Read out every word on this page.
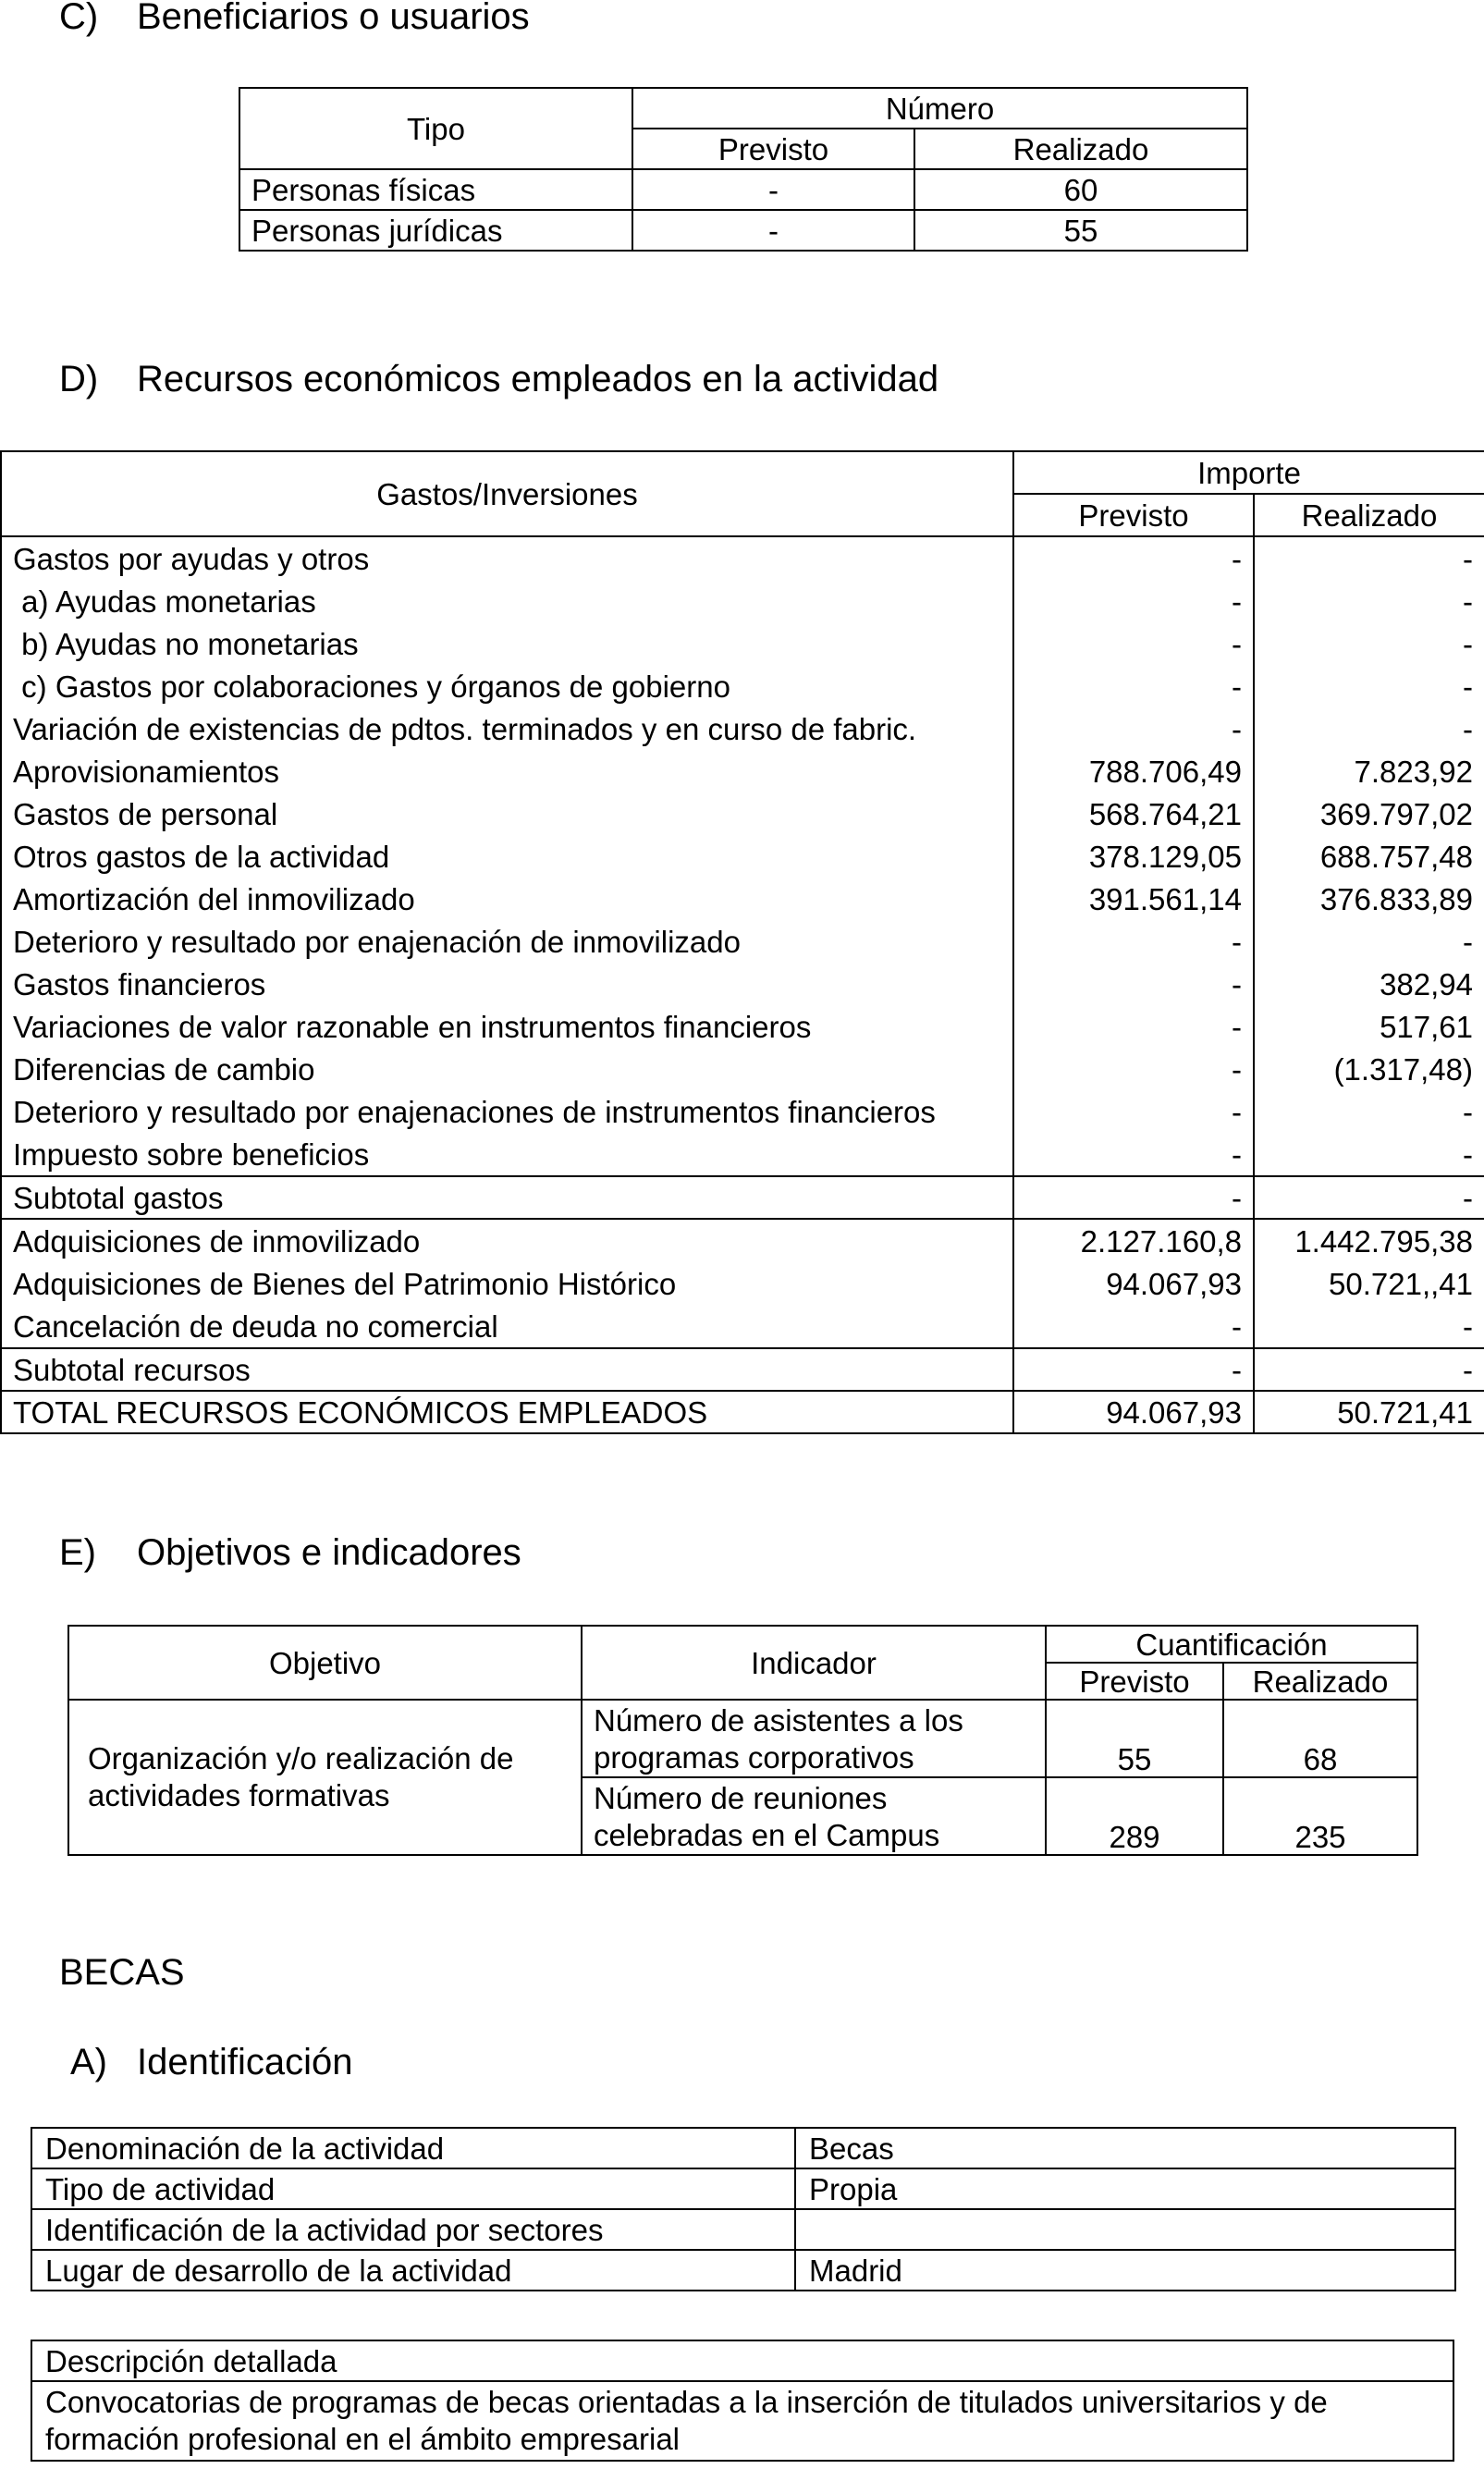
C) Beneficiarios o usuarios
Tipo	Número	
	Previsto	Realizado
Personas físicas	-	60
Personas jurídicas	-	55
D) Recursos económicos empleados en la actividad
Gastos/Inversiones	Importe	
	Previsto	Realizado
Gastos por ayudas y otros	-	-
a) Ayudas monetarias	-	-
b) Ayudas no monetarias	-	-
c) Gastos por colaboraciones y órganos de gobierno	-	-
Variación de existencias de pdtos. terminados y en curso de fabric.	-	-
Aprovisionamientos	788.706,49	7.823,92
Gastos de personal	568.764,21	369.797,02
Otros gastos de la actividad	378.129,05	688.757,48
Amortización del inmovilizado	391.561,14	376.833,89
Deterioro y resultado por enajenación de inmovilizado	-	-
Gastos financieros	-	382,94
Variaciones de valor razonable en instrumentos financieros	-	517,61
Diferencias de cambio	-	(1.317,48)
Deterioro y resultado por enajenaciones de instrumentos financieros	-	-
Impuesto sobre beneficios	-	-
Subtotal gastos	-	-
Adquisiciones de inmovilizado	2.127.160,8	1.442.795,38
Adquisiciones de Bienes del Patrimonio Histórico	94.067,93	50.721,,41
Cancelación de deuda no comercial	-	-
Subtotal recursos	-	-
TOTAL RECURSOS ECONÓMICOS EMPLEADOS	94.067,93	50.721,41
E) Objetivos e indicadores
Objetivo	Indicador	Cuantificación	
		Previsto	Realizado
Organización y/o realización de actividades formativas	Número de asistentes a los programas corporativos	55	68
	Número de reuniones celebradas en el Campus	289	235
BECAS
A) Identificación
Denominación de la actividad	Becas
Tipo de actividad	Propia
Identificación de la actividad por sectores	
Lugar de desarrollo de la actividad	Madrid
Descripción detallada
Convocatorias de programas de becas orientadas a la inserción de titulados universitarios y de formación profesional en el ámbito empresarial
